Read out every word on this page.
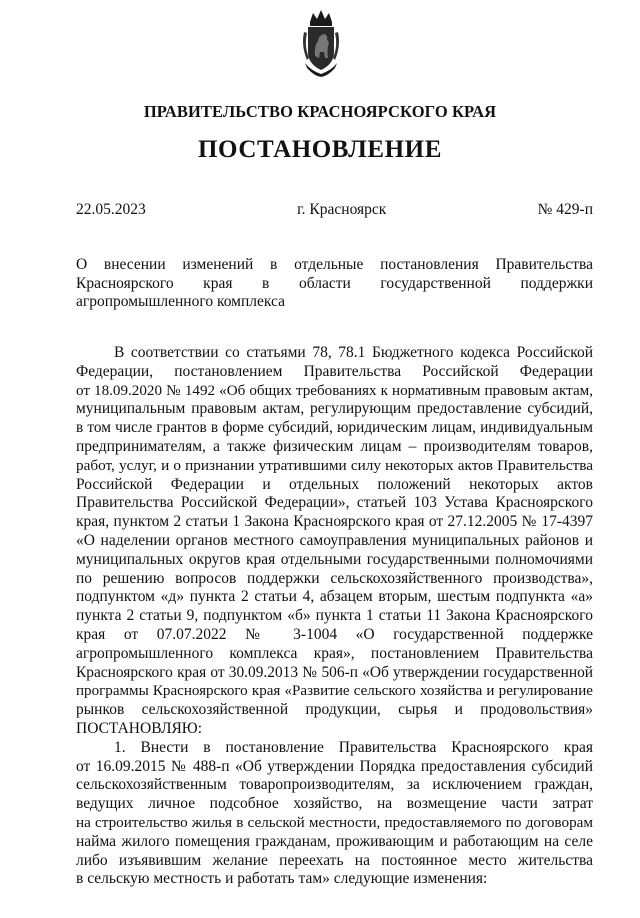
ПРАВИТЕЛЬСТВО КРАСНОЯРСКОГО КРАЯ
ПОСТАНОВЛЕНИЕ
22.05.2023	г. Красноярск	№ 429-п
О внесении изменений в отдельные постановления Правительства
Красноярского края в области государственной поддержки
агропромышленного комплекса
В соответствии со статьями 78, 78.1 Бюджетного кодекса Российской
Федерации, постановлением Правительства Российской Федерации
от 18.09.2020 № 1492 «Об общих требованиях к нормативным правовым актам,
муниципальным правовым актам, регулирующим предоставление субсидий,
в том числе грантов в форме субсидий, юридическим лицам, индивидуальным
предпринимателям, а также физическим лицам – производителям товаров,
работ, услуг, и о признании утратившими силу некоторых актов Правительства
Российской Федерации и отдельных положений некоторых актов
Правительства Российской Федерации», статьей 103 Устава Красноярского
края, пунктом 2 статьи 1 Закона Красноярского края от 27.12.2005 № 17-4397
«О наделении органов местного самоуправления муниципальных районов и
муниципальных округов края отдельными государственными полномочиями
по решению вопросов поддержки сельскохозяйственного производства»,
подпунктом «д» пункта 2 статьи 4, абзацем вторым, шестым подпункта «а»
пункта 2 статьи 9, подпунктом «б» пункта 1 статьи 11 Закона Красноярского
края от 07.07.2022 № 3-1004 «О государственной поддержке
агропромышленного комплекса края», постановлением Правительства
Красноярского края от 30.09.2013 № 506-п «Об утверждении государственной
программы Красноярского края «Развитие сельского хозяйства и регулирование
рынков сельскохозяйственной продукции, сырья и продовольствия»
ПОСТАНОВЛЯЮ:
1. Внести в постановление Правительства Красноярского края
от 16.09.2015 № 488-п «Об утверждении Порядка предоставления субсидий
сельскохозяйственным товаропроизводителям, за исключением граждан,
ведущих личное подсобное хозяйство, на возмещение части затрат
на строительство жилья в сельской местности, предоставляемого по договорам
найма жилого помещения гражданам, проживающим и работающим на селе
либо изъявившим желание переехать на постоянное место жительства
в сельскую местность и работать там» следующие изменения:
